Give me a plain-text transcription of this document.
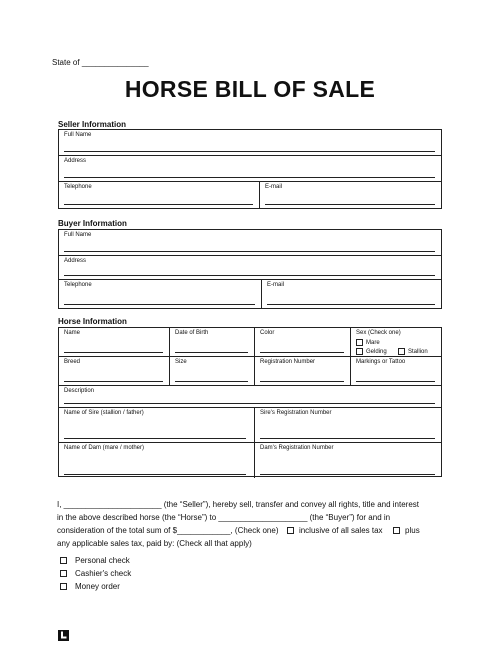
State of _______________
HORSE BILL OF SALE
Seller Information
Full Name
Address
Telephone	E-mail
Buyer Information
Full Name
Address
Telephone	E-mail
Horse Information
Name	Date of Birth	Color	Sex (Check one)
Mare
Gelding	Stallion
Breed	Size	Registration Number	Markings or Tattoo
Description
Name of Sire (stallion / father)	Sire's Registration Number
Name of Dam (mare / mother)	Dam's Registration Number
I, ______________________ (the “Seller”), hereby sell, transfer and convey all rights, title and interest
in the above described horse (the “Horse”) to ____________________ (the “Buyer”) for and in
consideration of the total sum of $____________, (Check one)	inclusive of all sales tax	plus
any applicable sales tax, paid by: (Check all that apply)
Personal check
Cashier's check
Money order
